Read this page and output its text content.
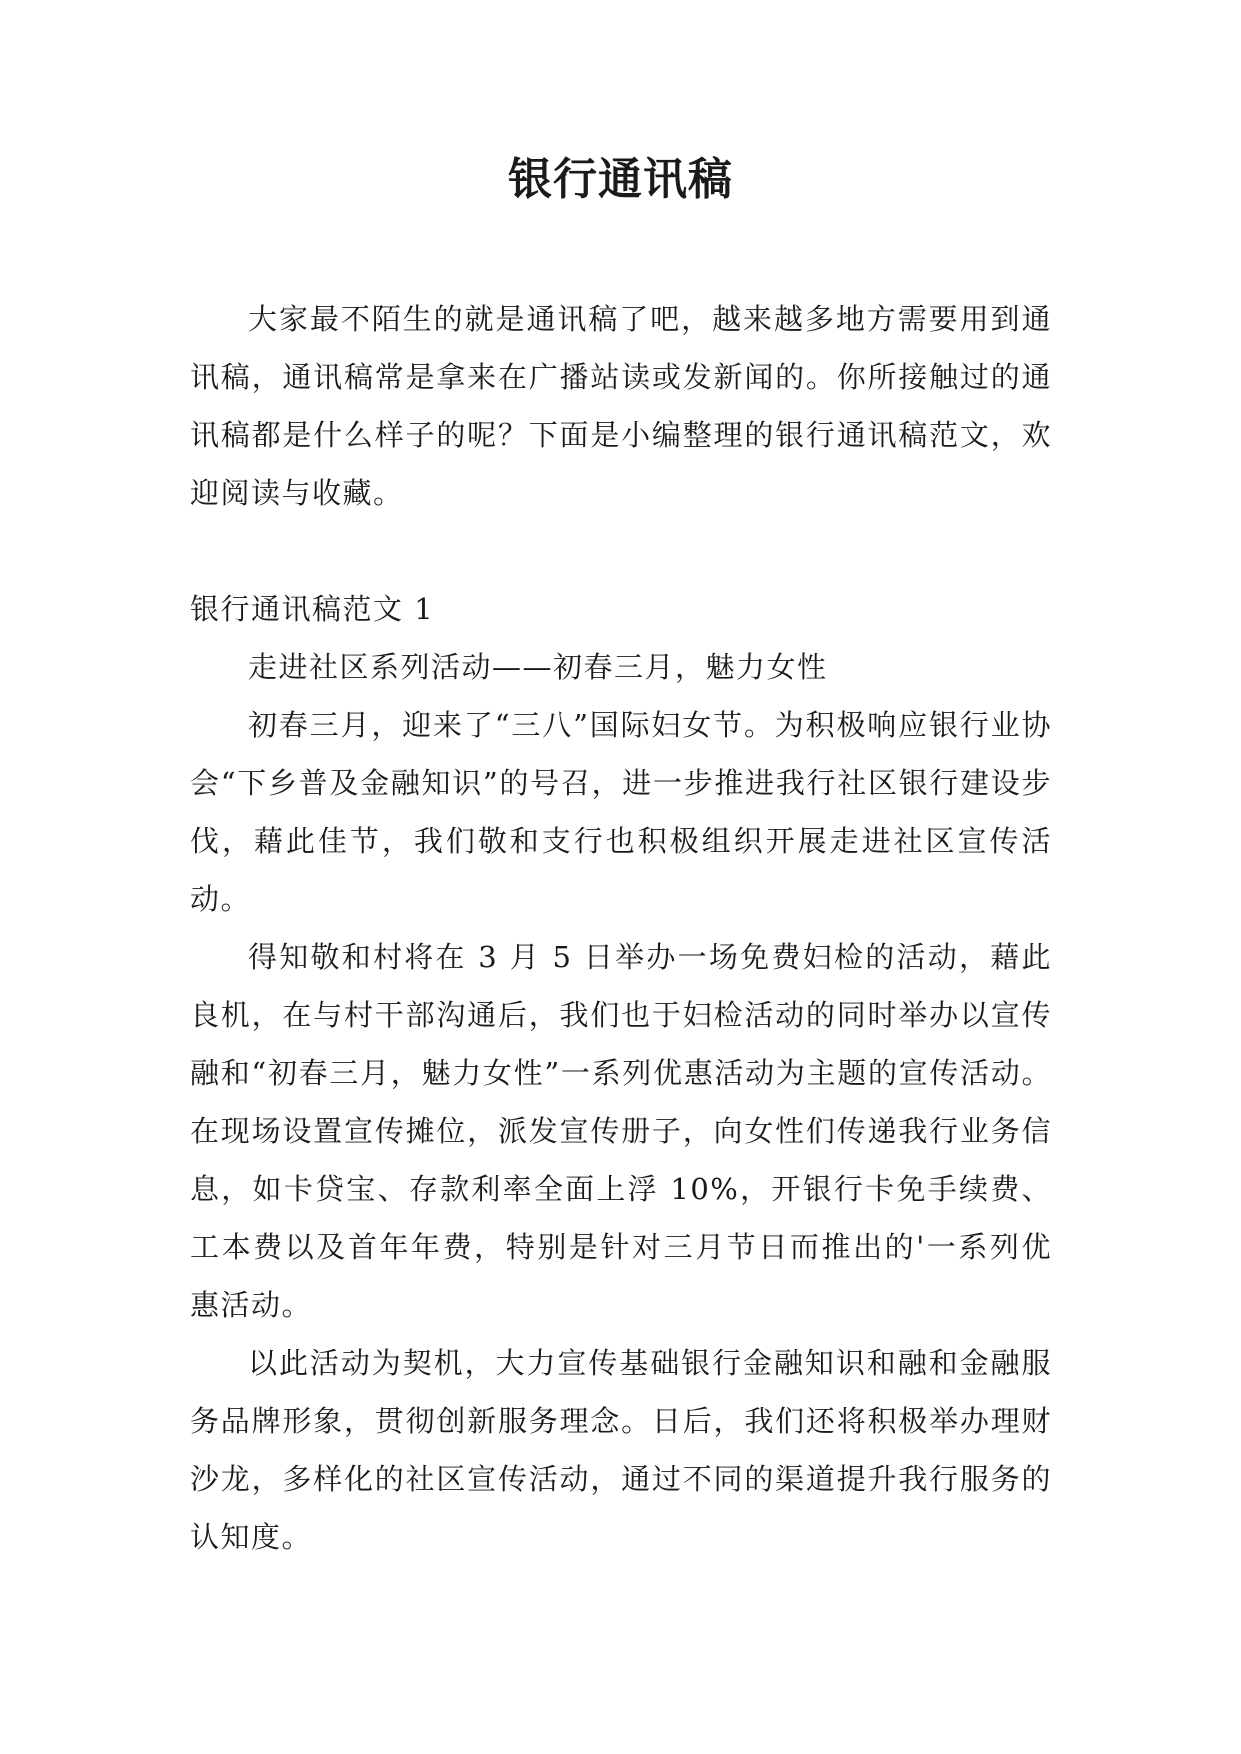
银行通讯稿

大家最不陌生的就是通讯稿了吧，越来越多地方需要用到通讯稿，通讯稿常是拿来在广播站读或发新闻的。你所接触过的通讯稿都是什么样子的呢？下面是小编整理的银行通讯稿范文，欢迎阅读与收藏。

银行通讯稿范文 1

走进社区系列活动——初春三月，魅力女性

初春三月，迎来了“三八”国际妇女节。为积极响应银行业协会“下乡普及金融知识”的号召，进一步推进我行社区银行建设步伐，藉此佳节，我们敬和支行也积极组织开展走进社区宣传活动。

得知敬和村将在 3 月 5 日举办一场免费妇检的活动，藉此良机，在与村干部沟通后，我们也于妇检活动的同时举办以宣传融和“初春三月，魅力女性”一系列优惠活动为主题的宣传活动。在现场设置宣传摊位，派发宣传册子，向女性们传递我行业务信息，如卡贷宝、存款利率全面上浮 10%，开银行卡免手续费、工本费以及首年年费，特别是针对三月节日而推出的'一系列优惠活动。

以此活动为契机，大力宣传基础银行金融知识和融和金融服务品牌形象，贯彻创新服务理念。日后，我们还将积极举办理财沙龙，多样化的社区宣传活动，通过不同的渠道提升我行服务的认知度。
